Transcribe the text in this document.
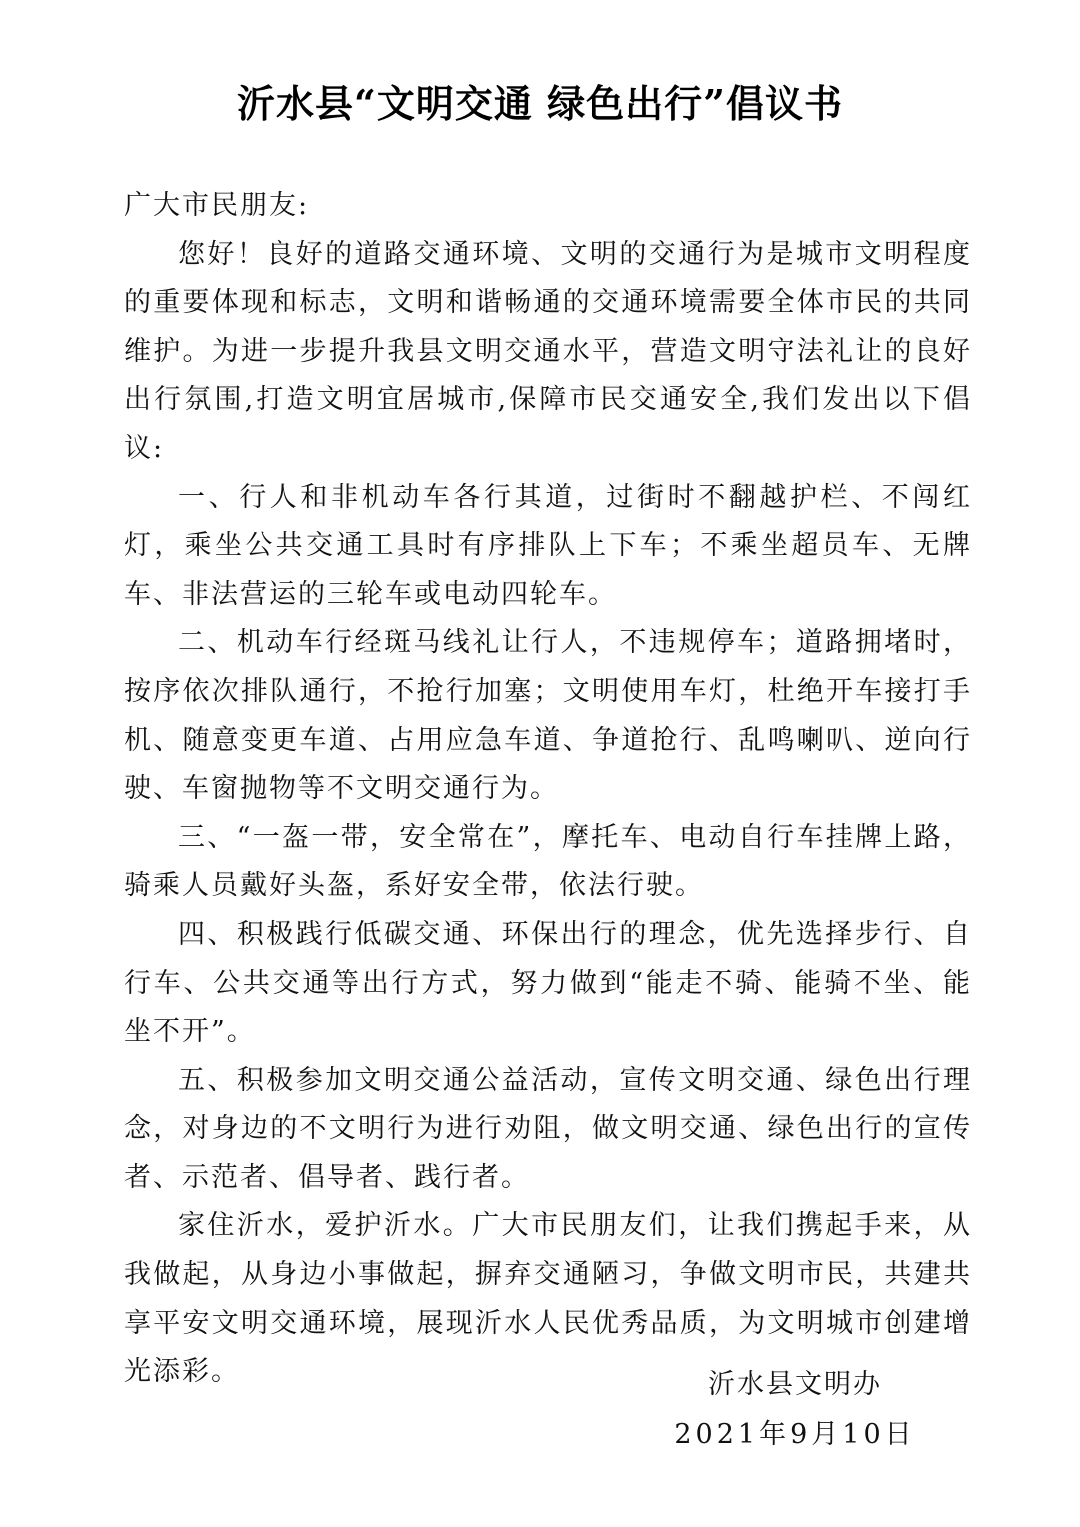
沂水县“文明交通 绿色出行”倡议书

广大市民朋友:

您好！良好的道路交通环境、文明的交通行为是城市文明程度的重要体现和标志，文明和谐畅通的交通环境需要全体市民的共同维护。为进一步提升我县文明交通水平，营造文明守法礼让的良好出行氛围,打造文明宜居城市,保障市民交通安全,我们发出以下倡议:

一、行人和非机动车各行其道，过街时不翻越护栏、不闯红灯，乘坐公共交通工具时有序排队上下车；不乘坐超员车、无牌车、非法营运的三轮车或电动四轮车。

二、机动车行经斑马线礼让行人，不违规停车；道路拥堵时，按序依次排队通行，不抢行加塞；文明使用车灯，杜绝开车接打手机、随意变更车道、占用应急车道、争道抢行、乱鸣喇叭、逆向行驶、车窗抛物等不文明交通行为。

三、“一盔一带，安全常在”，摩托车、电动自行车挂牌上路，骑乘人员戴好头盔，系好安全带，依法行驶。

四、积极践行低碳交通、环保出行的理念，优先选择步行、自行车、公共交通等出行方式，努力做到“能走不骑、能骑不坐、能坐不开”。

五、积极参加文明交通公益活动，宣传文明交通、绿色出行理念，对身边的不文明行为进行劝阻，做文明交通、绿色出行的宣传者、示范者、倡导者、践行者。

家住沂水，爱护沂水。广大市民朋友们，让我们携起手来，从我做起，从身边小事做起，摒弃交通陋习，争做文明市民，共建共享平安文明交通环境，展现沂水人民优秀品质，为文明城市创建增光添彩。	沂水县文明办

2021年9月10日
